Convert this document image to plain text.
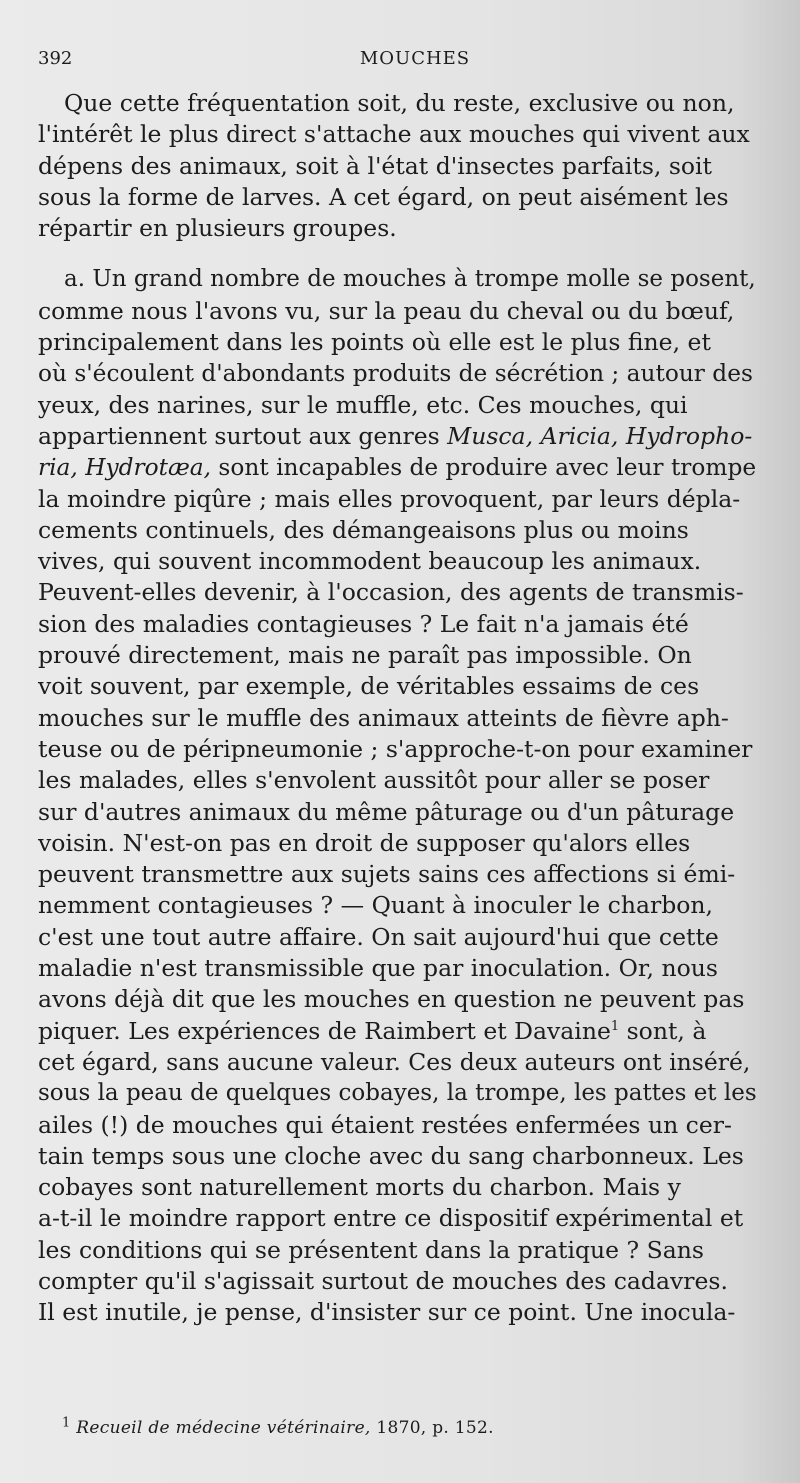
392	MOUCHES
Que cette fréquentation soit, du reste, exclusive ou non,
l'intérêt le plus direct s'attache aux mouches qui vivent aux
dépens des animaux, soit à l'état d'insectes parfaits, soit
sous la forme de larves. A cet égard, on peut aisément les
répartir en plusieurs groupes.
a. Un grand nombre de mouches à trompe molle se posent,
comme nous l'avons vu, sur la peau du cheval ou du bœuf,
principalement dans les points où elle est le plus fine, et
où s'écoulent d'abondants produits de sécrétion ; autour des
yeux, des narines, sur le muffle, etc. Ces mouches, qui
appartiennent surtout aux genres Musca, Aricia, Hydropho-
ria, Hydrotæa, sont incapables de produire avec leur trompe
la moindre piqûre ; mais elles provoquent, par leurs dépla-
cements continuels, des démangeaisons plus ou moins
vives, qui souvent incommodent beaucoup les animaux.
Peuvent-elles devenir, à l'occasion, des agents de transmis-
sion des maladies contagieuses ? Le fait n'a jamais été
prouvé directement, mais ne paraît pas impossible. On
voit souvent, par exemple, de véritables essaims de ces
mouches sur le muffle des animaux atteints de fièvre aph-
teuse ou de péripneumonie ; s'approche-t-on pour examiner
les malades, elles s'envolent aussitôt pour aller se poser
sur d'autres animaux du même pâturage ou d'un pâturage
voisin. N'est-on pas en droit de supposer qu'alors elles
peuvent transmettre aux sujets sains ces affections si émi-
nemment contagieuses ? — Quant à inoculer le charbon,
c'est une tout autre affaire. On sait aujourd'hui que cette
maladie n'est transmissible que par inoculation. Or, nous
avons déjà dit que les mouches en question ne peuvent pas
piquer. Les expériences de Raimbert et Davaine$^1$ sont, à
cet égard, sans aucune valeur. Ces deux auteurs ont inséré,
sous la peau de quelques cobayes, la trompe, les pattes et les
ailes (!) de mouches qui étaient restées enfermées un cer-
tain temps sous une cloche avec du sang charbonneux. Les
cobayes sont naturellement morts du charbon. Mais y
a-t-il le moindre rapport entre ce dispositif expérimental et
les conditions qui se présentent dans la pratique ? Sans
compter qu'il s'agissait surtout de mouches des cadavres.
Il est inutile, je pense, d'insister sur ce point. Une inocula-
$^1$ Recueil de médecine vétérinaire, 1870, p. 152.
